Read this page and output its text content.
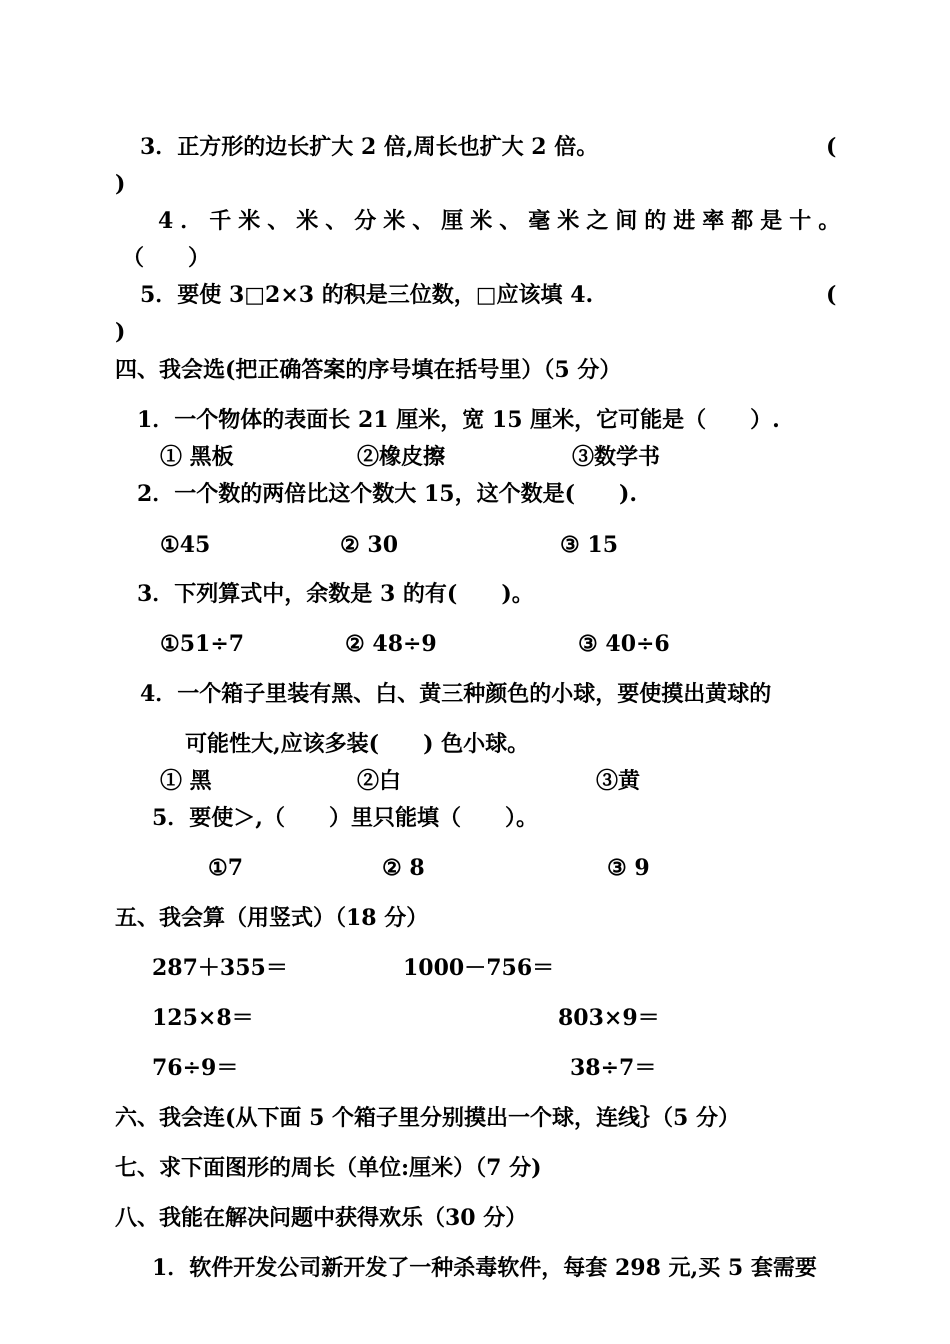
3．正方形的边长扩大 2 倍,周长也扩大 2 倍。	(
)
4．千米、米、分米、厘米、毫米之间的进率都是十。
（　　）
5．要使 3□2×3 的积是三位数，□应该填 4.	(
)
四、我会选(把正确答案的序号填在括号里）（5 分）
1．一个物体的表面长 21 厘米，宽 15 厘米，它可能是（　　）.
① 黑板	②橡皮擦	③数学书
2．一个数的两倍比这个数大 15，这个数是(　　).
①45	② 30	③ 15
3．下列算式中，余数是 3 的有(　　)。
①51÷7	② 48÷9	③ 40÷6
4．一个箱子里装有黑、白、黄三种颜色的小球，要使摸出黄球的
可能性大,应该多装(　　) 色小球。
① 黑	②白	③黄
5．要使＞,（　　）里只能填（　　）。
①7	② 8	③ 9
五、我会算（用竖式）（18 分）
287＋355＝	1000－756＝
125×8＝	803×9＝
76÷9＝	38÷7＝
六、我会连(从下面 5 个箱子里分别摸出一个球，连线｝（5 分）
七、求下面图形的周长（单位:厘米）（7 分)
八、我能在解决问题中获得欢乐（30 分）
1．软件开发公司新开发了一种杀毒软件，每套 298 元,买 5 套需要
